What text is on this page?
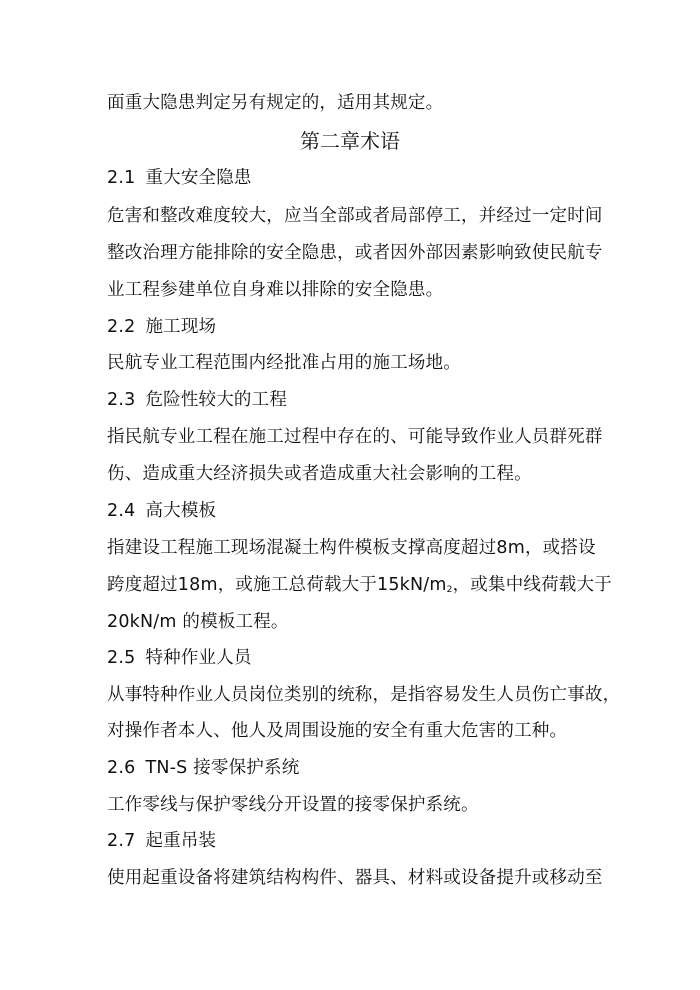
面重大隐患判定另有规定的，适用其规定。
第二章术语
2.1 重大安全隐患
危害和整改难度较大，应当全部或者局部停工，并经过一定时间
整改治理方能排除的安全隐患，或者因外部因素影响致使民航专
业工程参建单位自身难以排除的安全隐患。
2.2 施工现场
民航专业工程范围内经批准占用的施工场地。
2.3 危险性较大的工程
指民航专业工程在施工过程中存在的、可能导致作业人员群死群
伤、造成重大经济损失或者造成重大社会影响的工程。
2.4 高大模板
指建设工程施工现场混凝土构件模板支撑高度超过8m，或搭设
跨度超过18m，或施工总荷载大于$15kN/m_2$，或集中线荷载大于
20kN/m 的模板工程。
2.5 特种作业人员
从事特种作业人员岗位类别的统称，是指容易发生人员伤亡事故，
对操作者本人、他人及周围设施的安全有重大危害的工种。
2.6 TN-S 接零保护系统
工作零线与保护零线分开设置的接零保护系统。
2.7 起重吊装
使用起重设备将建筑结构构件、器具、材料或设备提升或移动至
